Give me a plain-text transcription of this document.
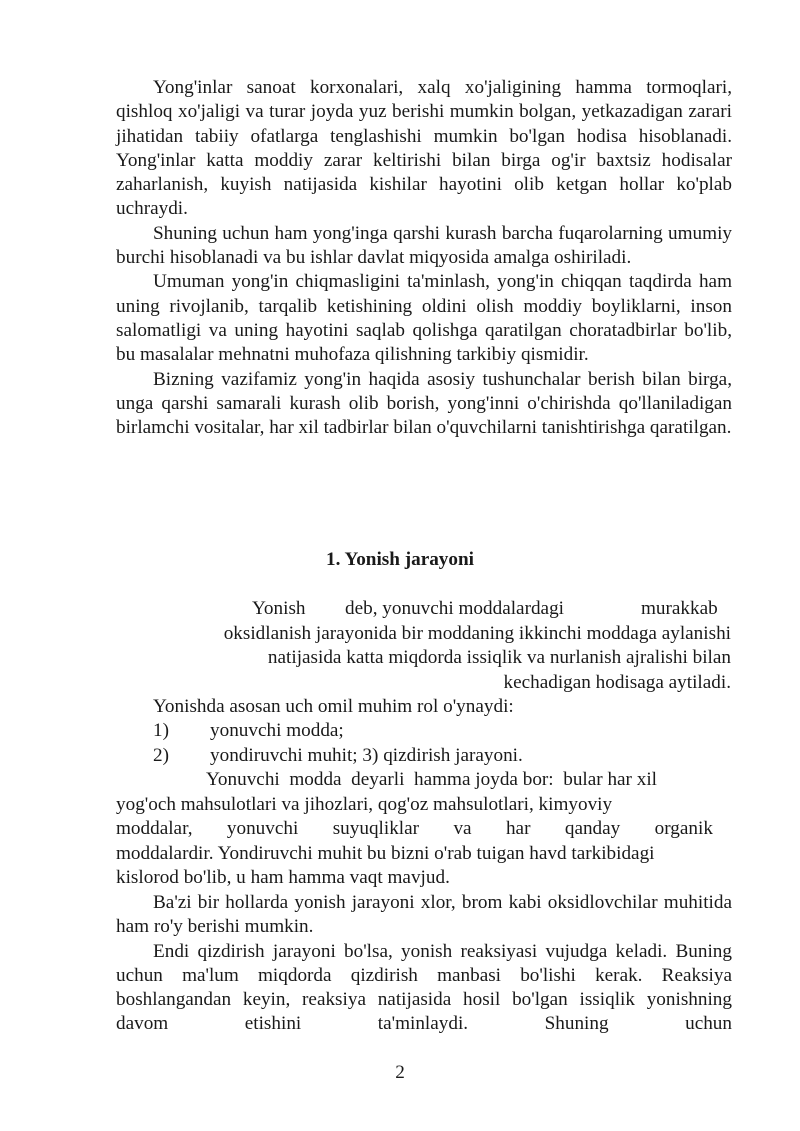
Yong'inlar sanoat korxonalari, xalq xo'jaligining hamma tormoqlari, qishloq xo'jaligi va turar joyda yuz berishi mumkin bolgan, yetkazadigan zarari jihatidan tabiiy ofatlarga tenglashishi mumkin bo'lgan hodisa hisoblanadi. Yong'inlar katta moddiy zarar keltirishi bilan birga og'ir baxtsiz hodisalar zaharlanish, kuyish natijasida kishilar hayotini olib ketgan hollar ko'plab uchraydi.

Shuning uchun ham yong'inga qarshi kurash barcha fuqarolarning umumiy burchi hisoblanadi va bu ishlar davlat miqyosida amalga oshiriladi.

Umuman yong'in chiqmasligini ta'minlash, yong'in chiqqan taqdirda ham uning rivojlanib, tarqalib ketishining oldini olish moddiy boyliklarni, inson salomatligi va uning hayotini saqlab qolishga qaratilgan choratadbirlar bo'lib, bu masalalar mehnatni muhofaza qilishning tarkibiy qismidir.

Bizning vazifamiz yong'in haqida asosiy tushunchalar berish bilan birga, unga qarshi samarali kurash olib borish, yong'inni o'chirishda qo'llaniladigan birlamchi vositalar, har xil tadbirlar bilan o'quvchilarni tanishtirishga qaratilgan.

1. Yonish jarayoni

Yonish deb, yonuvchi moddalardagi	murakkab
oksidlanish jarayonida bir moddaning ikkinchi moddaga aylanishi
natijasida katta miqdorda issiqlik va nurlanish ajralishi bilan
kechadigan hodisaga aytiladi.
Yonishda asosan uch omil muhim rol o'ynaydi:
1) yonuvchi modda;
2) yondiruvchi muhit; 3) qizdirish jarayoni.
Yonuvchi  modda  deyarli  hamma joyda bor:  bular har xil
yog'och mahsulotlari va jihozlari, qog'oz mahsulotlari, kimyoviy
moddalar, yonuvchi suyuqliklar va har qanday organik
moddalardir. Yondiruvchi muhit bu bizni o'rab tuigan havd tarkibidagi
kislorod bo'lib, u ham hamma vaqt mavjud.

Ba'zi bir hollarda yonish jarayoni xlor, brom kabi oksidlovchilar muhitida ham ro'y berishi mumkin.

Endi qizdirish jarayoni bo'lsa, yonish reaksiyasi vujudga keladi. Buning uchun ma'lum miqdorda qizdirish manbasi bo'lishi kerak. Reaksiya boshlangandan keyin, reaksiya natijasida hosil bo'lgan issiqlik yonishning davom etishini ta'minlaydi. Shuning uchun

2
